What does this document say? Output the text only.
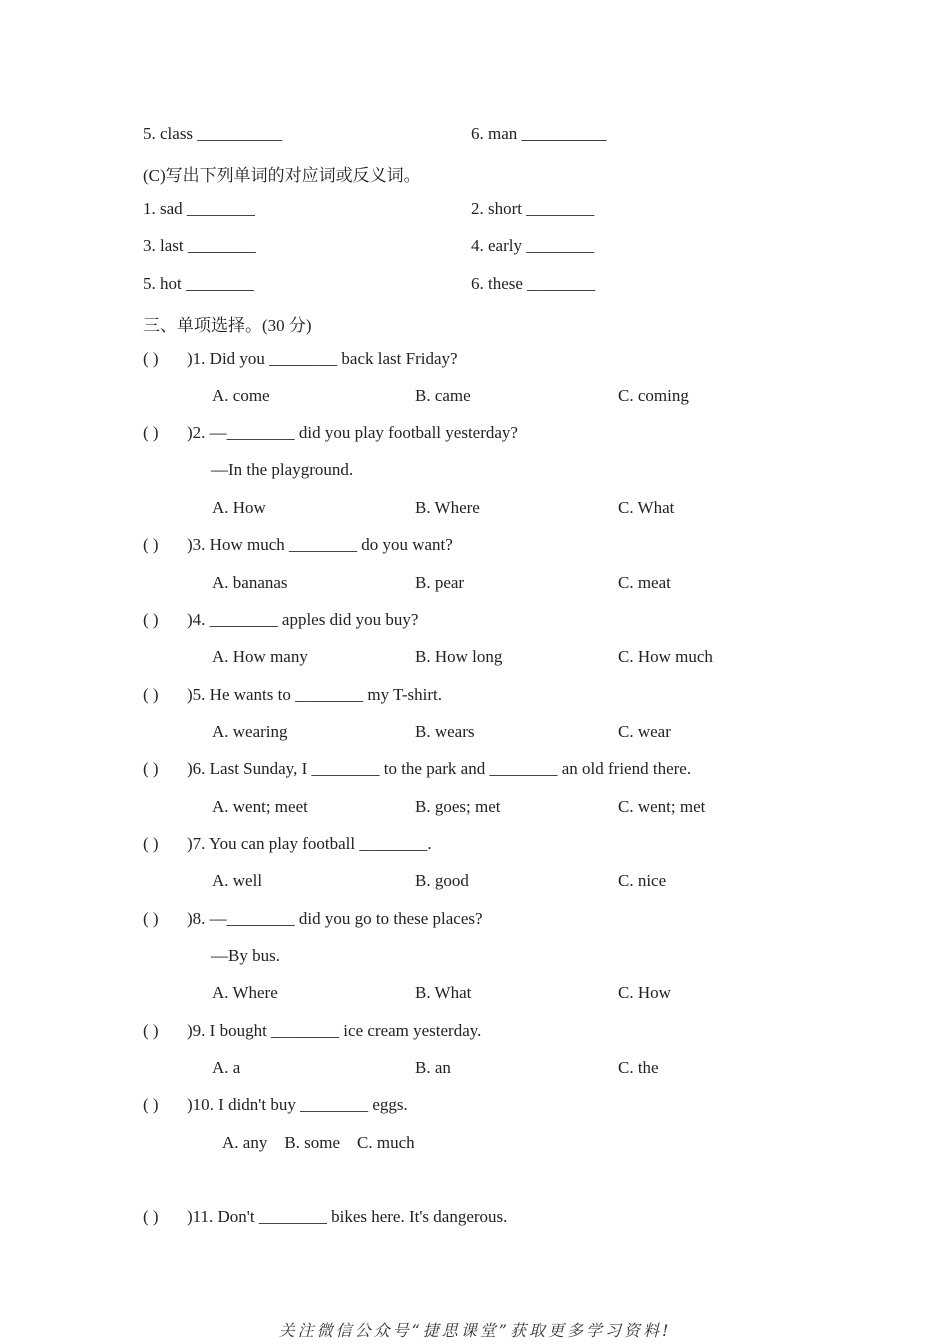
5. class __________	6. man __________
(C)写出下列单词的对应词或反义词。
1. sad ________	2. short ________
3. last ________	4. early ________
5. hot ________	6. these ________
三、单项选择。(30 分)
( ) )1. Did you ________ back last Friday?
A. come	B. came	C. coming
( ) )2. —________ did you play football yesterday?
—In the playground.
A. How	B. Where	C. What
( ) )3. How much ________ do you want?
A. bananas	B. pear	C. meat
( ) )4. ________ apples did you buy?
A. How many	B. How long	C. How much
( ) )5. He wants to ________ my T-shirt.
A. wearing	B. wears	C. wear
( ) )6. Last Sunday, I ________ to the park and ________ an old friend there.
A. went; meet	B. goes; met	C. went; met
( ) )7. You can play football ________.
A. well	B. good	C. nice
( ) )8. —________ did you go to these places?
—By bus.
A. Where	B. What	C. How
( ) )9. I bought ________ ice cream yesterday.
A. a	B. an	C. the
( ) )10. I didn't buy ________ eggs.
A. any    B. some    C. much
( ) )11. Don't ________ bikes here. It's dangerous.
关注微信公众号“捷思课堂”获取更多学习资料!
